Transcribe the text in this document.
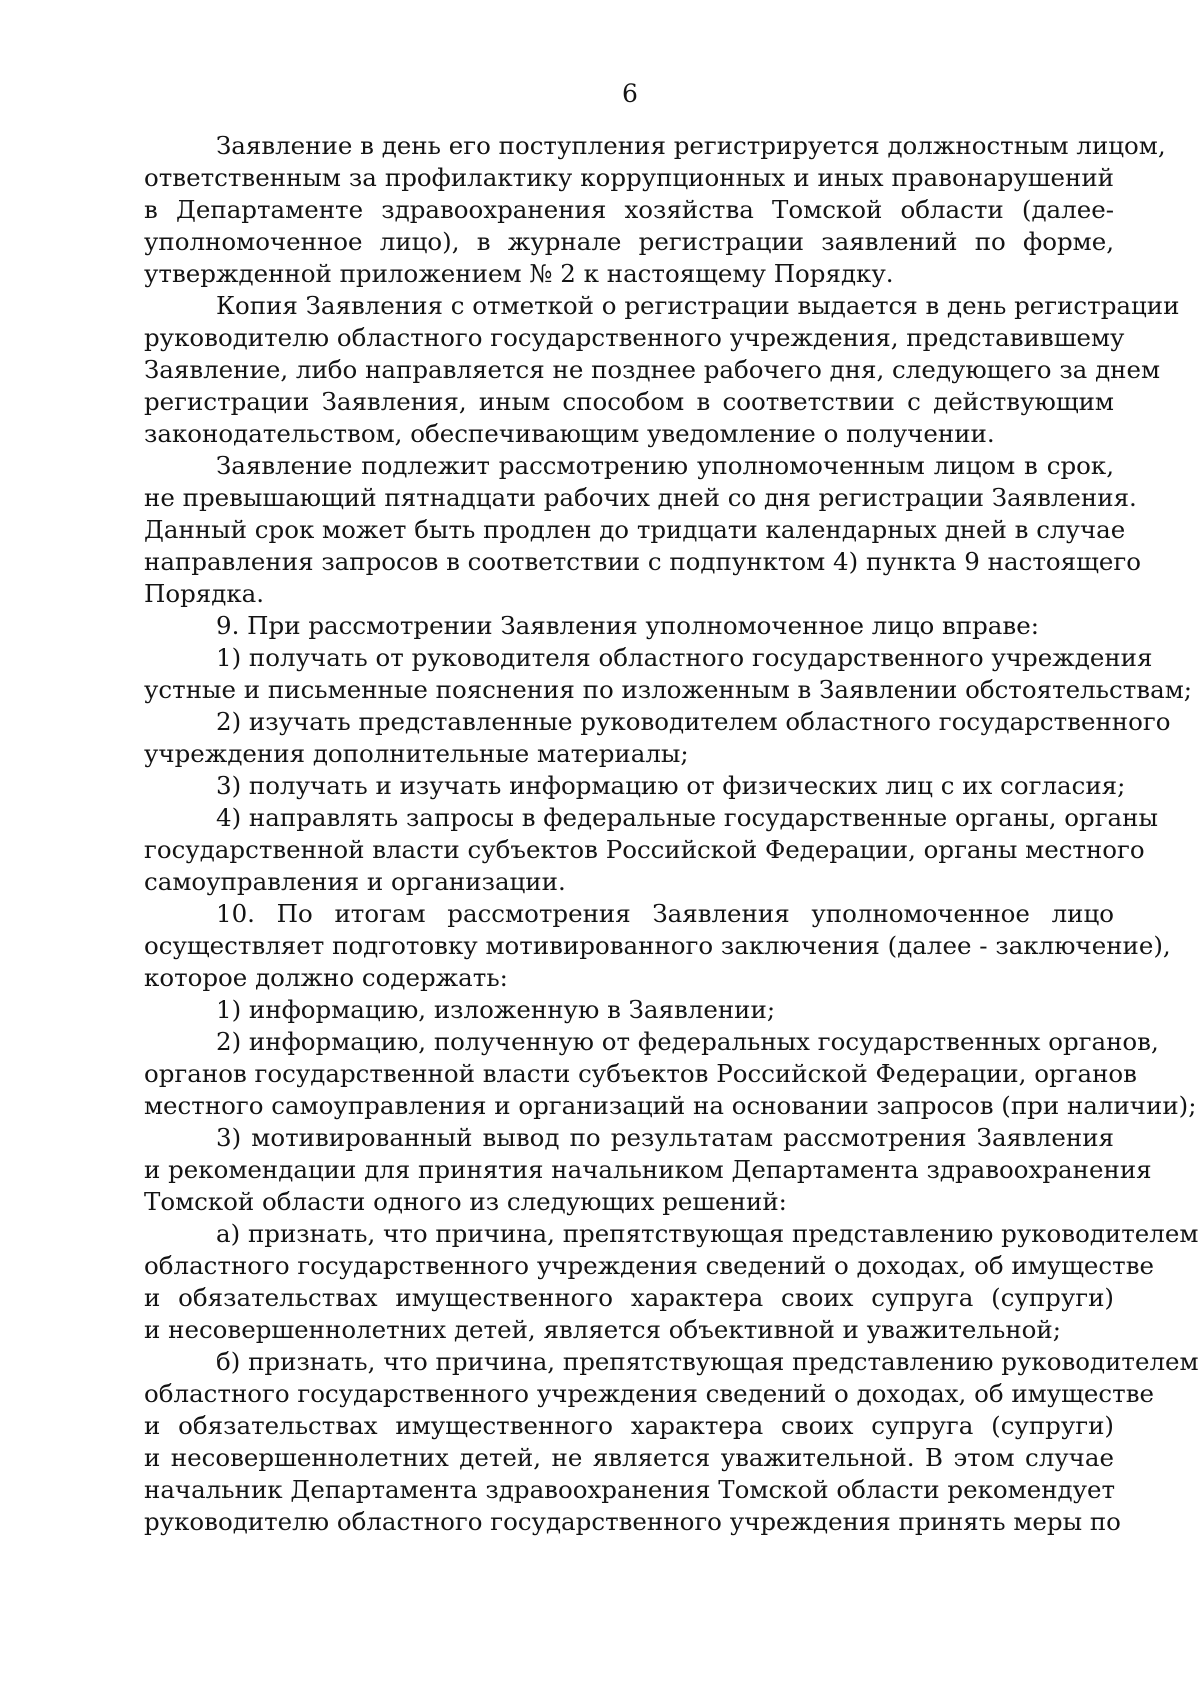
6
Заявление в день его поступления регистрируется должностным лицом,
ответственным за профилактику коррупционных и иных правонарушений
в Департаменте здравоохранения хозяйства Томской области (далее-
уполномоченное лицо), в журнале регистрации заявлений по форме,
утвержденной приложением № 2 к настоящему Порядку.
Копия Заявления с отметкой о регистрации выдается в день регистрации
руководителю областного государственного учреждения, представившему
Заявление, либо направляется не позднее рабочего дня, следующего за днем
регистрации Заявления, иным способом в соответствии с действующим
законодательством, обеспечивающим уведомление о получении.
Заявление подлежит рассмотрению уполномоченным лицом в срок,
не превышающий пятнадцати рабочих дней со дня регистрации Заявления.
Данный срок может быть продлен до тридцати календарных дней в случае
направления запросов в соответствии с подпунктом 4) пункта 9 настоящего
Порядка.
9. При рассмотрении Заявления уполномоченное лицо вправе:
1) получать от руководителя областного государственного учреждения
устные и письменные пояснения по изложенным в Заявлении обстоятельствам;
2) изучать представленные руководителем областного государственного
учреждения дополнительные материалы;
3) получать и изучать информацию от физических лиц с их согласия;
4) направлять запросы в федеральные государственные органы, органы
государственной власти субъектов Российской Федерации, органы местного
самоуправления и организации.
10. По итогам рассмотрения Заявления уполномоченное лицо
осуществляет подготовку мотивированного заключения (далее - заключение),
которое должно содержать:
1) информацию, изложенную в Заявлении;
2) информацию, полученную от федеральных государственных органов,
органов государственной власти субъектов Российской Федерации, органов
местного самоуправления и организаций на основании запросов (при наличии);
3) мотивированный вывод по результатам рассмотрения Заявления
и рекомендации для принятия начальником Департамента здравоохранения
Томской области одного из следующих решений:
а) признать, что причина, препятствующая представлению руководителем
областного государственного учреждения сведений о доходах, об имуществе
и обязательствах имущественного характера своих супруга (супруги)
и несовершеннолетних детей, является объективной и уважительной;
б) признать, что причина, препятствующая представлению руководителем
областного государственного учреждения сведений о доходах, об имуществе
и обязательствах имущественного характера своих супруга (супруги)
и несовершеннолетних детей, не является уважительной. В этом случае
начальник Департамента здравоохранения Томской области рекомендует
руководителю областного государственного учреждения принять меры по
